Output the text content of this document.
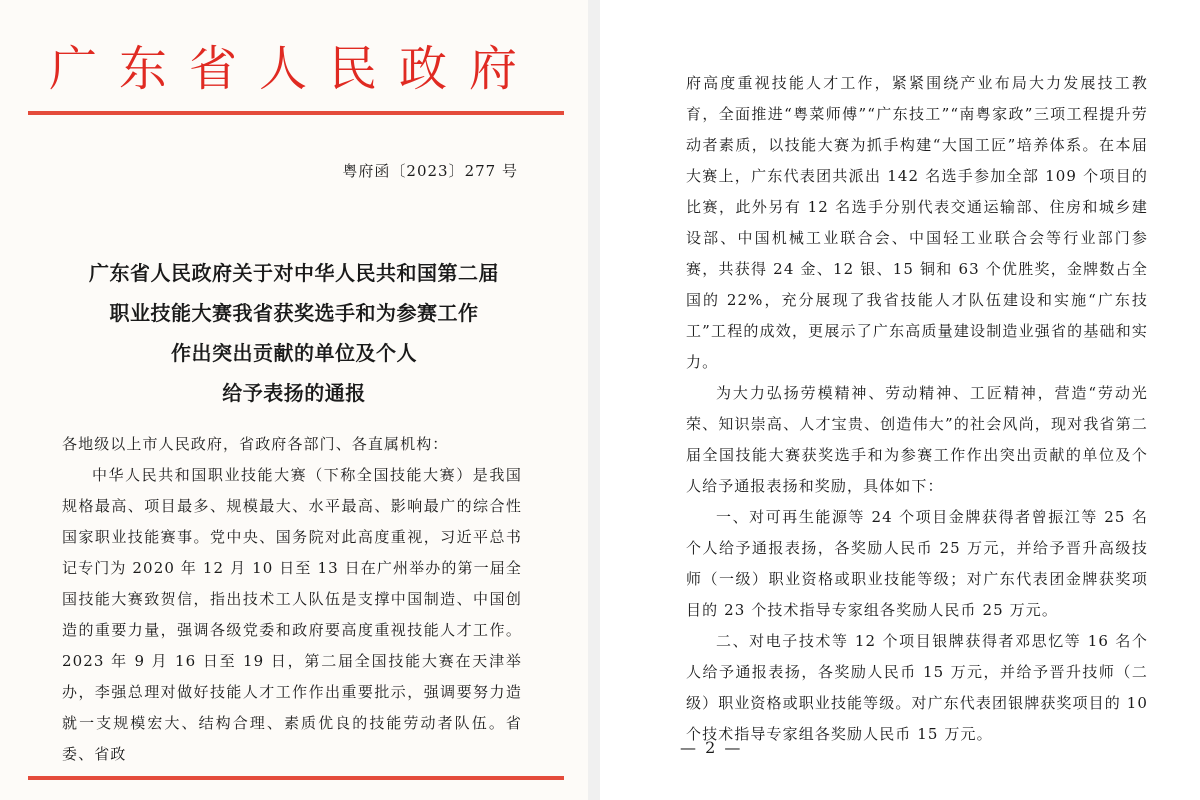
广东省人民政府
粤府函〔2023〕277 号
广东省人民政府关于对中华人民共和国第二届
职业技能大赛我省获奖选手和为参赛工作
作出突出贡献的单位及个人
给予表扬的通报

各地级以上市人民政府，省政府各部门、各直属机构：

中华人民共和国职业技能大赛（下称全国技能大赛）是我国规格最高、项目最多、规模最大、水平最高、影响最广的综合性国家职业技能赛事。党中央、国务院对此高度重视，习近平总书记专门为 2020 年 12 月 10 日至 13 日在广州举办的第一届全国技能大赛致贺信，指出技术工人队伍是支撑中国制造、中国创造的重要力量，强调各级党委和政府要高度重视技能人才工作。2023 年 9 月 16 日至 19 日，第二届全国技能大赛在天津举办，李强总理对做好技能人才工作作出重要批示，强调要努力造就一支规模宏大、结构合理、素质优良的技能劳动者队伍。省委、省政

府高度重视技能人才工作，紧紧围绕产业布局大力发展技工教育，全面推进“粤菜师傅”“广东技工”“南粤家政”三项工程提升劳动者素质，以技能大赛为抓手构建“大国工匠”培养体系。在本届大赛上，广东代表团共派出 142 名选手参加全部 109 个项目的比赛，此外另有 12 名选手分别代表交通运输部、住房和城乡建设部、中国机械工业联合会、中国轻工业联合会等行业部门参赛，共获得 24 金、12 银、15 铜和 63 个优胜奖，金牌数占全国的 22%，充分展现了我省技能人才队伍建设和实施“广东技工”工程的成效，更展示了广东高质量建设制造业强省的基础和实力。

为大力弘扬劳模精神、劳动精神、工匠精神，营造“劳动光荣、知识崇高、人才宝贵、创造伟大”的社会风尚，现对我省第二届全国技能大赛获奖选手和为参赛工作作出突出贡献的单位及个人给予通报表扬和奖励，具体如下：

一、对可再生能源等 24 个项目金牌获得者曾振江等 25 名个人给予通报表扬，各奖励人民币 25 万元，并给予晋升高级技师（一级）职业资格或职业技能等级；对广东代表团金牌获奖项目的 23 个技术指导专家组各奖励人民币 25 万元。

二、对电子技术等 12 个项目银牌获得者邓思忆等 16 名个人给予通报表扬，各奖励人民币 15 万元，并给予晋升技师（二级）职业资格或职业技能等级。对广东代表团银牌获奖项目的 10 个技术指导专家组各奖励人民币 15 万元。

— 2 —
